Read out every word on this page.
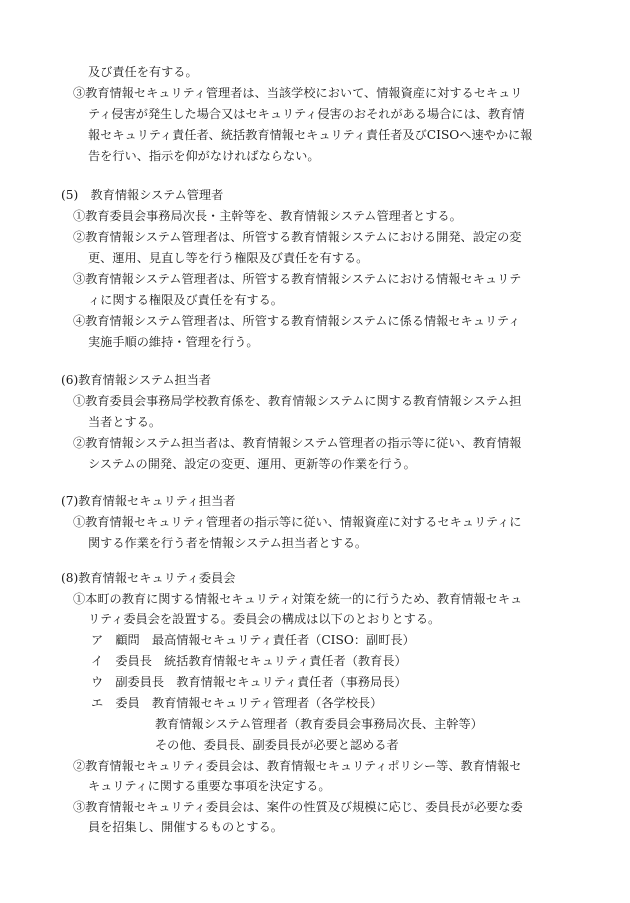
及び責任を有する。
③教育情報セキュリティ管理者は、当該学校において、情報資産に対するセキュリ
ティ侵害が発生した場合又はセキュリティ侵害のおそれがある場合には、教育情
報セキュリティ責任者、統括教育情報セキュリティ責任者及びCISOへ速やかに報
告を行い、指示を仰がなければならない。
(5)　教育情報システム管理者
①教育委員会事務局次長・主幹等を、教育情報システム管理者とする。
②教育情報システム管理者は、所管する教育情報システムにおける開発、設定の変
更、運用、見直し等を行う権限及び責任を有する。
③教育情報システム管理者は、所管する教育情報システムにおける情報セキュリテ
ィに関する権限及び責任を有する。
④教育情報システム管理者は、所管する教育情報システムに係る情報セキュリティ
実施手順の維持・管理を行う。
(6)教育情報システム担当者
①教育委員会事務局学校教育係を、教育情報システムに関する教育情報システム担
当者とする。
②教育情報システム担当者は、教育情報システム管理者の指示等に従い、教育情報
システムの開発、設定の変更、運用、更新等の作業を行う。
(7)教育情報セキュリティ担当者
①教育情報セキュリティ管理者の指示等に従い、情報資産に対するセキュリティに
関する作業を行う者を情報システム担当者とする。
(8)教育情報セキュリティ委員会
①本町の教育に関する情報セキュリティ対策を統一的に行うため、教育情報セキュ
リティ委員会を設置する。委員会の構成は以下のとおりとする。
ア　顧問　最高情報セキュリティ責任者（CISO：副町長）
イ　委員長　統括教育情報セキュリティ責任者（教育長）
ウ　副委員長　教育情報セキュリティ責任者（事務局長）
エ　委員　教育情報セキュリティ管理者（各学校長）
教育情報システム管理者（教育委員会事務局次長、主幹等）
その他、委員長、副委員長が必要と認める者
②教育情報セキュリティ委員会は、教育情報セキュリティポリシー等、教育情報セ
キュリティに関する重要な事項を決定する。
③教育情報セキュリティ委員会は、案件の性質及び規模に応じ、委員長が必要な委
員を招集し、開催するものとする。
